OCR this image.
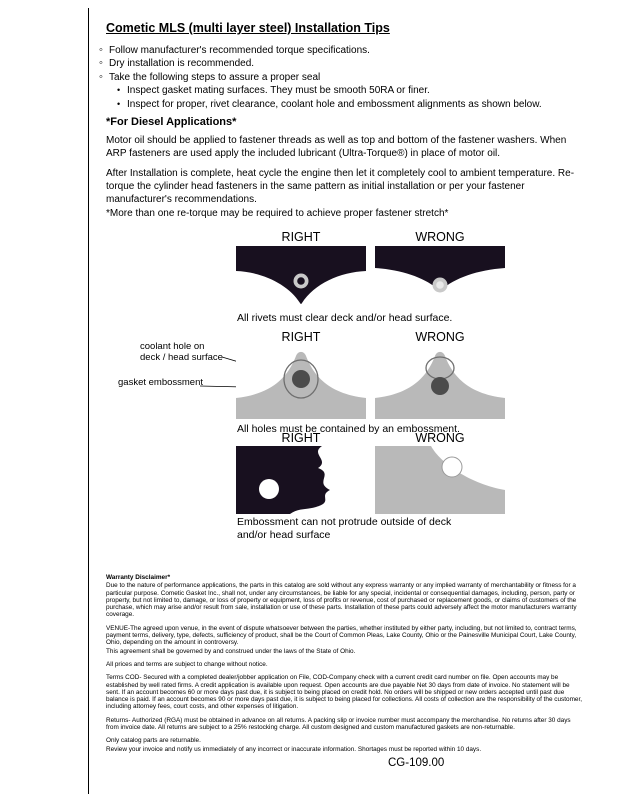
Cometic MLS (multi layer steel) Installation Tips
◦Follow manufacturer's recommended torque specifications.
◦Dry installation is recommended.
◦Take the following steps to assure a proper seal
•Inspect gasket mating surfaces. They must be smooth 50RA or finer.
•Inspect for proper, rivet clearance, coolant hole and embossment alignments as shown below.
*For Diesel Applications*

Motor oil should be applied to fastener threads as well as top and bottom of the fastener washers. When ARP fasteners are used apply the included lubricant (Ultra-Torque®) in place of motor oil.

After Installation is complete, heat cycle the engine then let it completely cool to ambient temperature. Re-torque the cylinder head fasteners in the same pattern as initial installation or per your fastener manufacturer's recommendations.

*More than one re-torque may be required to achieve proper fastener stretch*

RIGHT	WRONG
All rivets must clear deck and/or head surface.
RIGHT	WRONG
coolant hole on
deck / head surface
gasket embossment
All holes must be contained by an embossment.
RIGHT	WRONG
Embossment can not protrude outside of deck and/or head surface

Warranty Disclaimer*

Due to the nature of performance applications, the parts in this catalog are sold without any express warranty or any implied warranty of merchantability or fitness for a particular purpose. Cometic Gasket Inc., shall not, under any circumstances, be liable for any special, incidental or consequential damages, including, person, party or property, but not limited to, damage, or loss of property or equipment, loss of profits or revenue, cost of purchased or replacement goods, or claims of customers of the purchase, which may arise and/or result from sale, installation or use of these parts. Installation of these parts could adversely affect the motor manufacturers warranty coverage.

VENUE-The agreed upon venue, in the event of dispute whatsoever between the parties, whether instituted by either party, including, but not limited to, contract terms, payment terms, delivery, type, defects, sufficiency of product, shall be the Court of Common Pleas, Lake County, Ohio or the Painesville Municipal Court, Lake County, Ohio, depending on the amount in controversy.

This agreement shall be governed by and construed under the laws of the State of Ohio.

All prices and terms are subject to change without notice.

Terms COD- Secured with a completed dealer/jobber application on File, COD-Company check with a current credit card number on file. Open accounts may be established by well rated firms. A credit application is available upon request. Open accounts are due payable Net 30 days from date of invoice. No statement will be sent. If an account becomes 60 or more days past due, it is subject to being placed on credit hold. No orders will be shipped or new orders accepted until past due balance is paid. If an account becomes 90 or more days past due, it is subject to being placed for collections. All costs of collection are the responsibility of the customer, including attorney fees, court costs, and other expenses of litigation.

Returns- Authorized (RGA) must be obtained in advance on all returns. A packing slip or invoice number must accompany the merchandise. No returns after 30 days from invoice date. All returns are subject to a 25% restocking charge. All custom designed and custom manufactured gaskets are non-returnable.

Only catalog parts are returnable.

Review your invoice and notify us immediately of any incorrect or inaccurate information. Shortages must be reported within 10 days.

CG-109.00
